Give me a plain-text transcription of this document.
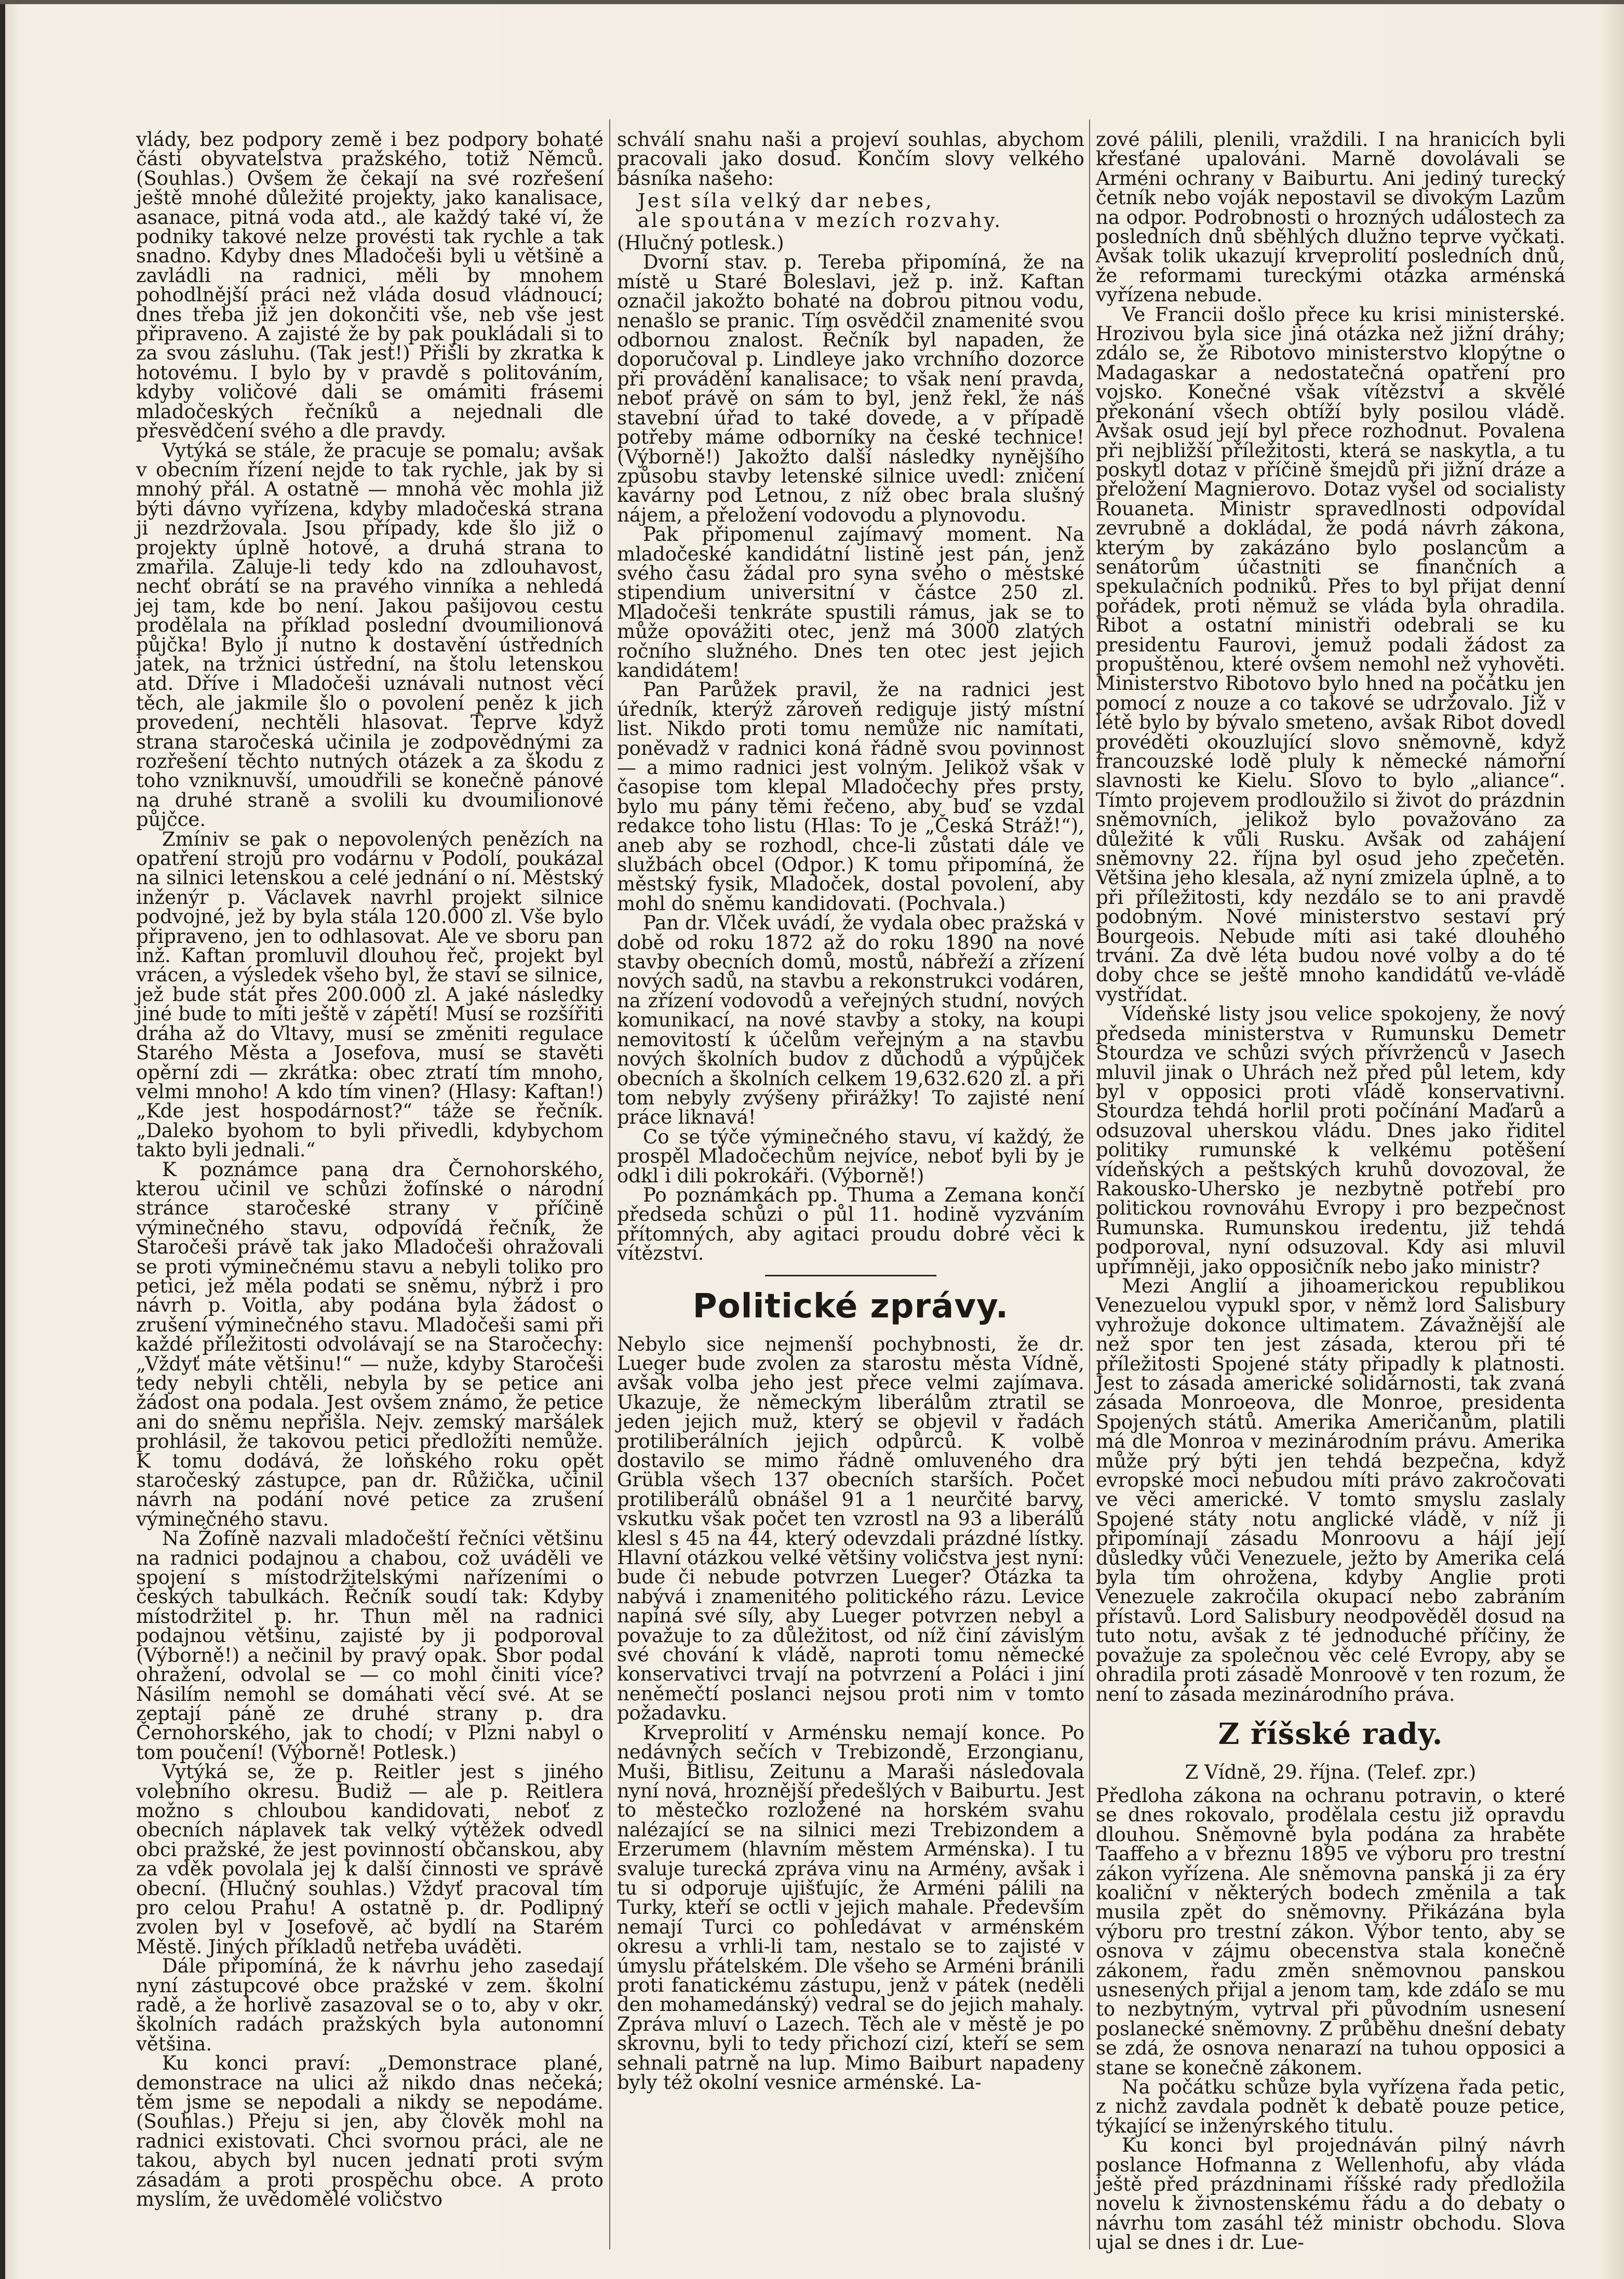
vlády, bez podpory země i bez podpory bohaté části obyvatelstva pražského, totiž Němců. (Souhlas.) Ovšem že čekají na své rozřešení ještě mnohé důležité projekty, jako kanalisace, asanace, pitná voda atd., ale každý také ví, že podniky takové nelze provésti tak rychle a tak snadno. Kdyby dnes Mladočeši byli u většině a zavládli na radnici, měli by mnohem pohodlnější práci než vláda dosud vládnoucí; dnes třeba již jen dokončiti vše, neb vše jest připraveno. A zajisté že by pak poukládali si to za svou zásluhu. (Tak jest!) Přišli by zkratka k hotovému. I bylo by v pravdě s politováním, kdyby voličové dali se omámiti frásemi mladočeských řečníků a nejednali dle přesvědčení svého a dle pravdy.

Vytýká se stále, že pracuje se pomalu; avšak v obecním řízení nejde to tak rychle, jak by si mnohý přál. A ostatně — mnohá věc mohla již býti dávno vyřízena, kdyby mladočeská strana ji nezdržovala. Jsou případy, kde šlo již o projekty úplně hotové, a druhá strana to zmařila. Zaluje-li tedy kdo na zdlouhavost, nechť obrátí se na pravého vinníka a nehledá jej tam, kde bo není. Jakou pašijovou cestu prodělala na příklad poslední dvoumilionová půjčka! Bylo jí nutno k dostavění ústředních jatek, na tržnici ústřední, na štolu letenskou atd. Dříve i Mladočeši uznávali nutnost věcí těch, ale jakmile šlo o povolení peněz k jich provedení, nechtěli hlasovat. Teprve když strana staročeská učinila je zodpovědnými za rozřešení těchto nutných otázek a za škodu z toho vzniknuvší, umoudřili se konečně pánové na druhé straně a svolili ku dvoumilionové půjčce.

Zmíniv se pak o nepovolených penězích na opatření strojů pro vodárnu v Podolí, poukázal na silnici letenskou a celé jednání o ní. Městský inženýr p. Václavek navrhl projekt silnice podvojné, jež by byla stála 120.000 zl. Vše bylo připraveno, jen to odhlasovat. Ale ve sboru pan inž. Kaftan promluvil dlouhou řeč, projekt byl vrácen, a výsledek všeho byl, že staví se silnice, jež bude stát přes 200.000 zl. A jaké následky jiné bude to míti ještě v zápětí! Musí se rozšířiti dráha až do Vltavy, musí se změniti regulace Starého Města a Josefova, musí se stavěti opěrní zdi — zkrátka: obec ztratí tím mnoho, velmi mnoho! A kdo tím vinen? (Hlasy: Kaftan!) „Kde jest hospodárnost?“ táže se řečník. „Daleko byohom to byli přivedli, kdybychom takto byli jednali.“

K poznámce pana dra Černohorského, kterou učinil ve schůzi žofínské o národní stránce staročeské strany v příčině výminečného stavu, odpovídá řečník, že Staročeši právě tak jako Mladočeši ohražovali se proti výminečnému stavu a nebyli toliko pro petici, jež měla podati se sněmu, nýbrž i pro návrh p. Voitla, aby podána byla žádost o zrušení výminečného stavu. Mladočeši sami při každé příležitosti odvolávají se na Staročechy: „Vždyť máte většinu!“ — nuže, kdyby Staročeši tedy nebyli chtěli, nebyla by se petice ani žádost ona podala. Jest ovšem známo, že petice ani do sněmu nepřišla. Nejv. zemský maršálek prohlásil, že takovou petici předložiti nemůže. K tomu dodává, že loňského roku opět staročeský zástupce, pan dr. Růžička, učinil návrh na podání nové petice za zrušení výminečného stavu.

Na Žofíně nazvali mladočeští řečníci většinu na radnici podajnou a chabou, což uváděli ve spojení s místodržitelskými nařízeními o českých tabulkách. Řečník soudí tak: Kdyby místodržitel p. hr. Thun měl na radnici podajnou většinu, zajisté by ji podporoval (Výborně!) a nečinil by pravý opak. Sbor podal ohražení, odvolal se — co mohl činiti více? Násilím nemohl se domáhati věcí své. At se zeptají páně ze druhé strany p. dra Černohorského, jak to chodí; v Plzni nabyl o tom poučení! (Výborně! Potlesk.)

Vytýká se, že p. Reitler jest s jiného volebního okresu. Budiž — ale p. Reitlera možno s chloubou kandidovati, neboť z obecních náplavek tak velký výtěžek odvedl obci pražské, že jest povinností občanskou, aby za vděk povolala jej k další činnosti ve správě obecní. (Hlučný souhlas.) Vždyť pracoval tím pro celou Prahu! A ostatně p. dr. Podlipný zvolen byl v Josefově, ač bydlí na Starém Městě. Jiných příkladů netřeba uváděti.

Dále připomíná, že k návrhu jeho zasedají nyní zástupcové obce pražské v zem. školní radě, a že horlivě zasazoval se o to, aby v okr. školních radách pražských byla autonomní většina.

Ku konci praví: „Demonstrace plané, demonstrace na ulici až nikdo dnas nečeká; těm jsme se nepodali a nikdy se nepodáme. (Souhlas.) Přeju si jen, aby člověk mohl na radnici existovati. Chci svornou práci, ale ne takou, abych byl nucen jednati proti svým zásadám a proti prospěchu obce. A proto myslím, že uvědomělé voličstvo

schválí snahu naši a projeví souhlas, abychom pracovali jako dosud. Končím slovy velkého básníka našeho:

Jest síla velký dar nebes,
ale spoutána v mezích rozvahy.

(Hlučný potlesk.)

Dvorní stav. p. Tereba připomíná, že na místě u Staré Boleslavi, jež p. inž. Kaftan označil jakožto bohaté na dobrou pitnou vodu, nenašlo se pranic. Tím osvědčil znamenité svou odbornou znalost. Řečník byl napaden, že doporučoval p. Lindleye jako vrchního dozorce při provádění kanalisace; to však není pravda, neboť právě on sám to byl, jenž řekl, že náš stavební úřad to také dovede, a v případě potřeby máme odborníky na české technice! (Výborně!) Jakožto další následky nynějšího způsobu stavby letenské silnice uvedl: zničení kavárny pod Letnou, z níž obec brala slušný nájem, a přeložení vodovodu a plynovodu.

Pak připomenul zajímavý moment. Na mladočeské kandidátní listině jest pán, jenž svého času žádal pro syna svého o městské stipendium universitní v částce 250 zl. Mladočeši tenkráte spustili rámus, jak se to může opovážiti otec, jenž má 3000 zlatých ročního služného. Dnes ten otec jest jejich kandidátem!

Pan Parůžek pravil, že na radnici jest úředník, kterýž zároveň rediguje jistý místní list. Nikdo proti tomu nemůže nic namítati, poněvadž v radnici koná řádně svou povinnost — a mimo radnici jest volným. Jelikož však v časopise tom klepal Mladočechy přes prsty, bylo mu pány těmi řečeno, aby buď se vzdal redakce toho listu (Hlas: To je „Česká Stráž!“), aneb aby se rozhodl, chce-li zůstati dále ve službách obcel (Odpor.) K tomu připomíná, že městský fysik, Mladoček, dostal povolení, aby mohl do sněmu kandidovati. (Pochvala.)

Pan dr. Vlček uvádí, že vydala obec pražská v době od roku 1872 až do roku 1890 na nové stavby obecních domů, mostů, nábřeží a zřízení nových sadů, na stavbu a rekonstrukci vodáren, na zřízení vodovodů a veřejných studní, nových komunikací, na nové stavby a stoky, na koupi nemovitostí k účelům veřejným a na stavbu nových školních budov z důchodů a výpůjček obecních a školních celkem 19,632.620 zl. a při tom nebyly zvýšeny přirážky! To zajisté není práce liknavá!

Co se týče výminečného stavu, ví každý, že prospěl Mladočechům nejvíce, neboť byli by je odkl i dili pokrokáři. (Výborně!)

Po poznámkách pp. Thuma a Zemana končí předseda schůzi o půl 11. hodině vyzváním přítomných, aby agitaci proudu dobré věci k vítězství.

Politické zprávy.

Nebylo sice nejmenší pochybnosti, že dr. Lueger bude zvolen za starostu města Vídně, avšak volba jeho jest přece velmi zajímava. Ukazuje, že německým liberálům ztratil se jeden jejich muž, který se objevil v řadách protiliberálních jejich odpůrců. K volbě dostavilo se mimo řádně omluveného dra Grübla všech 137 obecních starších. Počet protiliberálů obnášel 91 a 1 neurčité barvy, vskutku však počet ten vzrostl na 93 a liberálů klesl s 45 na 44, který odevzdali prázdné lístky. Hlavní otázkou velké většiny voličstva jest nyní: bude či nebude potvrzen Lueger? Otázka ta nabývá i znamenitého politického rázu. Levice napíná své síly, aby Lueger potvrzen nebyl a považuje to za důležitost, od níž činí závislým své chování k vládě, naproti tomu německé konservativci trvají na potvrzení a Poláci i jiní neněmečtí poslanci nejsou proti nim v tomto požadavku.

Krveprolití v Arménsku nemají konce. Po nedávných sečích v Trebizondě, Erzongianu, Muši, Bitlisu, Zeitunu a Maraši následovala nyní nová, hroznější předešlých v Baiburtu. Jest to městečko rozložené na horském svahu nalézající se na silnici mezi Trebizondem a Erzerumem (hlavním městem Arménska). I tu svaluje turecká zpráva vinu na Armény, avšak i tu si odporuje ujišťujíc, že Arméni pálili na Turky, kteří se octli v jejich mahale. Především nemají Turci co pohledávat v arménském okresu a vrhli-li tam, nestalo se to zajisté v úmyslu přátelském. Dle všeho se Arméni bránili proti fanatickému zástupu, jenž v pátek (neděli den mohamedánský) vedral se do jejich mahaly. Zpráva mluví o Lazech. Těch ale v městě je po skrovnu, byli to tedy přichozí cizí, kteří se sem sehnali patrně na lup. Mimo Baiburt napadeny byly též okolní vesnice arménské. La-

zové pálili, plenili, vraždili. I na hranicích byli křesťané upalováni. Marně dovolávali se Arméni ochrany v Baiburtu. Ani jediný turecký četník nebo voják nepostavil se divokým Lazům na odpor. Podrobnosti o hrozných událostech za posledních dnů sběhlých dlužno teprve vyčkati. Avšak tolik ukazují krveprolití posledních dnů, že reformami tureckými otázka arménská vyřízena nebude.

Ve Francii došlo přece ku krisi ministerské. Hrozivou byla sice jiná otázka než jižní dráhy; zdálo se, že Ribotovo ministerstvo klopýtne o Madagaskar a nedostatečná opatření pro vojsko. Konečné však vítězství a skvělé překonání všech obtíží byly posilou vládě. Avšak osud její byl přece rozhodnut. Povalena při nejbližší příležitosti, která se naskytla, a tu poskytl dotaz v příčině šmejdů při jižní dráze a přeložení Magnierovo. Dotaz vyšel od socialisty Rouaneta. Ministr spravedlnosti odpovídal zevrubně a dokládal, že podá návrh zákona, kterým by zakázáno bylo poslancům a senátorům účastniti se finančních a spekulačních podniků. Přes to byl přijat denní pořádek, proti němuž se vláda byla ohradila. Ribot a ostatní ministři odebrali se ku presidentu Faurovi, jemuž podali žádost za propuštěnou, které ovšem nemohl než vyhověti. Ministerstvo Ribotovo bylo hned na počátku jen pomocí z nouze a co takové se udržovalo. Již v létě bylo by bývalo smeteno, avšak Ribot dovedl provéděti okouzlující slovo sněmovně, když francouzské lodě pluly k německé námořní slavnosti ke Kielu. Slovo to bylo „aliance“. Tímto projevem prodloužilo si život do prázdnin sněmovních, jelikož bylo považováno za důležité k vůli Rusku. Avšak od zahájení sněmovny 22. října byl osud jeho zpečetěn. Většina jeho klesala, až nyní zmizela úplně, a to při příležitosti, kdy nezdálo se to ani pravdě podobným. Nové ministerstvo sestaví prý Bourgeois. Nebude míti asi také dlouhého trvání. Za dvě léta budou nové volby a do té doby chce se ještě mnoho kandidátů ve-vládě vystřídat.

Vídeňské listy jsou velice spokojeny, že nový předseda ministerstva v Rumunsku Demetr Stourdza ve schůzi svých přívrženců v Jasech mluvil jinak o Uhrách než před půl letem, kdy byl v opposici proti vládě konservativní. Stourdza tehdá horlil proti počínání Maďarů a odsuzoval uherskou vládu. Dnes jako řiditel politiky rumunské k velkému potěšení vídeňských a peštských kruhů dovozoval, že Rakousko-Uhersko je nezbytně potřebí pro politickou rovnováhu Evropy i pro bezpečnost Rumunska. Rumunskou iredentu, již tehdá podporoval, nyní odsuzoval. Kdy asi mluvil upřímněji, jako opposičník nebo jako ministr?

Mezi Anglií a jihoamerickou republikou Venezuelou vypukl spor, v němž lord Salisbury vyhrožuje dokonce ultimatem. Závažnější ale než spor ten jest zásada, kterou při té příležitosti Spojené státy připadly k platnosti. Jest to zásada americké solidárnosti, tak zvaná zásada Monroeova, dle Monroe, presidenta Spojených států. Amerika Američanům, platili má dle Monroa v mezinárodním právu. Amerika může prý býti jen tehdá bezpečna, když evropské moci nebudou míti právo zakročovati ve věci americké. V tomto smyslu zaslaly Spojené státy notu anglické vládě, v níž ji připomínají zásadu Monroovu a hájí její důsledky vůči Venezuele, ježto by Amerika celá byla tím ohrožena, kdyby Anglie proti Venezuele zakročila okupací nebo zabráním přístavů. Lord Salisbury neodpověděl dosud na tuto notu, avšak z té jednoduché příčiny, že považuje za společnou věc celé Evropy, aby se ohradila proti zásadě Monroově v ten rozum, že není to zásada mezinárodního práva.

Z říšské rady.
Z Vídně, 29. října. (Telef. zpr.)

Předloha zákona na ochranu potravin, o které se dnes rokovalo, prodělala cestu již opravdu dlouhou. Sněmovně byla podána za hraběte Taaffeho a v březnu 1895 ve výboru pro trestní zákon vyřízena. Ale sněmovna panská ji za éry koaliční v některých bodech změnila a tak musila zpět do sněmovny. Přikázána byla výboru pro trestní zákon. Výbor tento, aby se osnova v zájmu obecenstva stala konečně zákonem, řadu změn sněmovnou panskou usnesených přijal a jenom tam, kde zdálo se mu to nezbytným, vytrval při původním usnesení poslanecké sněmovny. Z průběhu dnešní debaty se zdá, že osnova nenarazí na tuhou opposici a stane se konečně zákonem.

Na počátku schůze byla vyřízena řada petic, z nichž zavdala podnět k debatě pouze petice, týkající se inženýrského titulu.

Ku konci byl projednáván pilný návrh poslance Hofmanna z Wellenhofu, aby vláda ještě před prázdninami říšské rady předložila novelu k živnostenskému řádu a do debaty o návrhu tom zasáhl též ministr obchodu. Slova ujal se dnes i dr. Lue-
